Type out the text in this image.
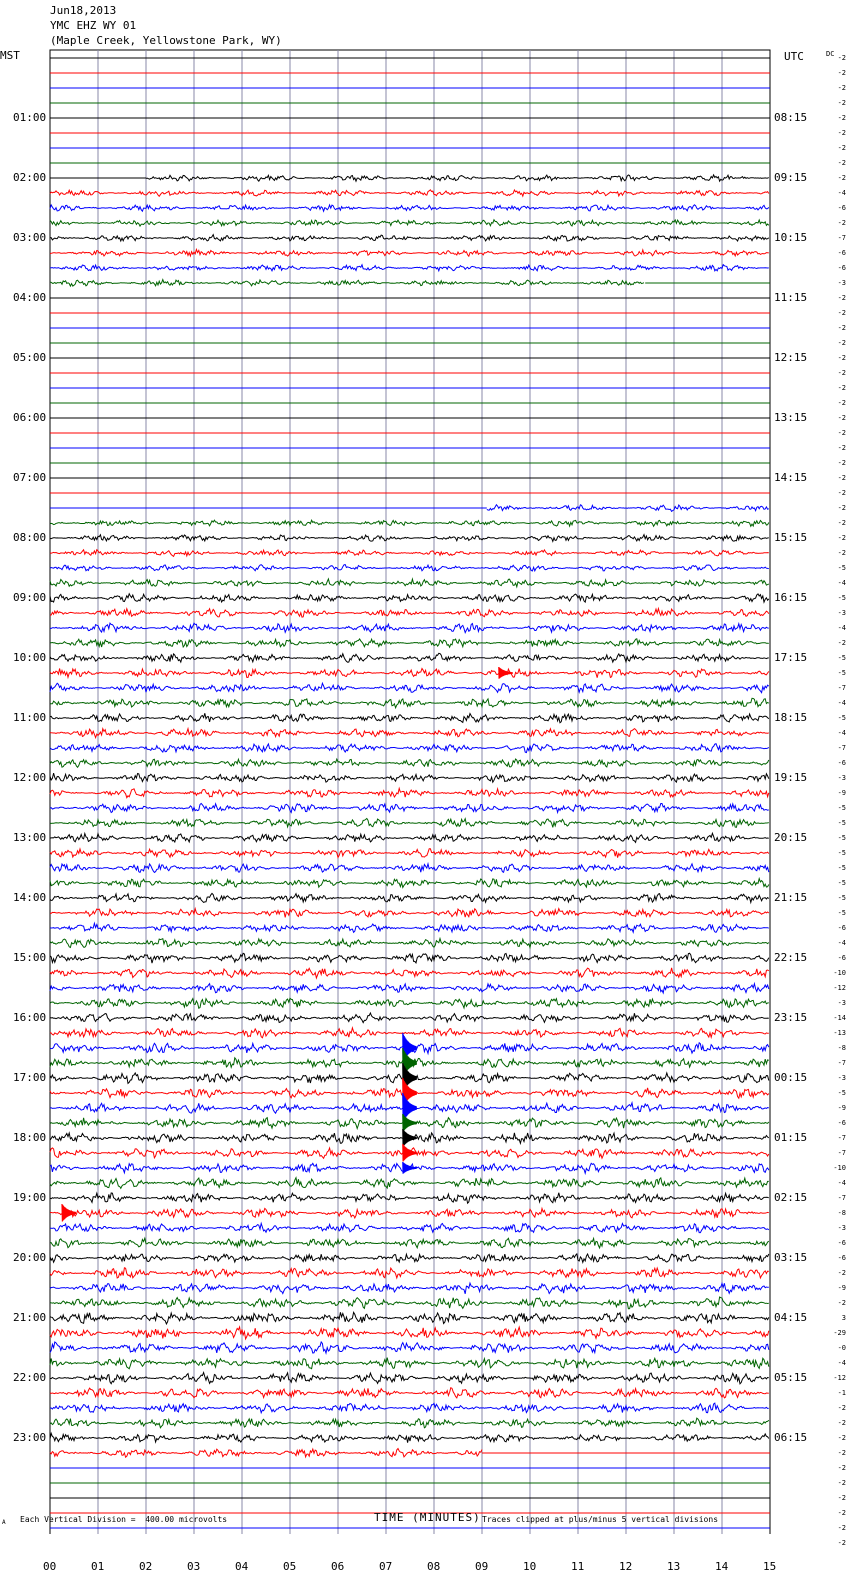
Jun18,2013
YMC EHZ WY 01
(Maple Creek, Yellowstone Park, WY)
MST	UTC	DC
01:00
02:00
03:00
04:00
05:00
06:00
07:00
08:00
09:00
10:00
11:00
12:00
13:00
14:00
15:00
16:00
17:00
18:00
19:00
20:00
21:00
22:00
23:00
08:15
09:15
10:15
11:15
12:15
13:15
14:15
15:15
16:15
17:15
18:15
19:15
20:15
21:15
22:15
23:15
00:15
01:15
02:15
03:15
04:15
05:15
06:15
-2
-2
-2
-2
-2
-2
-2
-2
-2
-4
-6
-2
-7
-6
-6
-3
-2
-2
-2
-2
-2
-2
-2
-2
-2
-2
-2
-2
-2
-2
-2
-2
-2
-2
-5
-4
-5
-3
-4
-2
-5
-5
-7
-4
-5
-4
-7
-6
-3
-9
-5
-5
-5
-5
-5
-5
-5
-5
-6
-4
-6
-10
-12
-3
-14
-13
-8
-7
-3
-5
-9
-6
-7
-7
-10
-4
-7
-8
-3
-6
-6
-2
-9
-2
3
-29
-0
-4
-12
-1
-2
-2
-2
-2
-2
-2
-2
-2
-2
-2
00	01	02	03	04	05	06	07	08	09	10	11	12	13	14	15
TIME (MINUTES)
A Each Vertical Division =  400.00 microvolts	Traces clipped at plus/minus 5 vertical divisions
